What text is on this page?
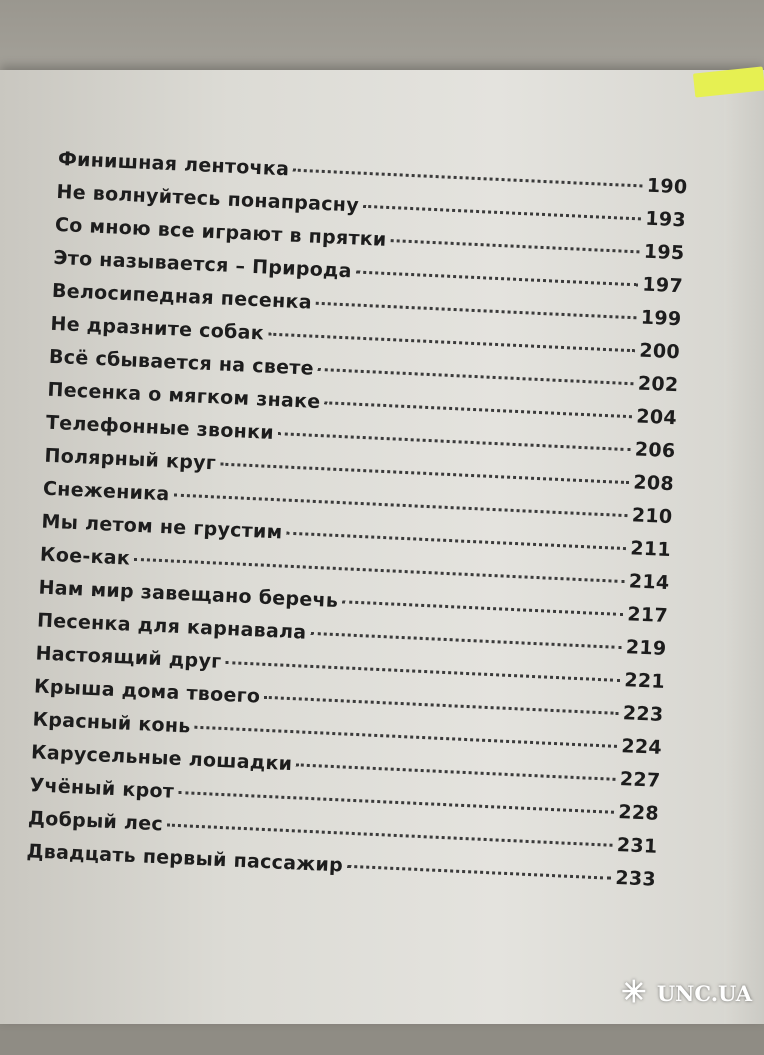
Финишная ленточка
190
Не волнуйтесь понапрасну
193
Со мною все играют в прятки
195
Это называется – Природа
197
Велосипедная песенка
199
Не дразните собак
200
Всё сбывается на свете
202
Песенка о мягком знаке
204
Телефонные звонки
206
Полярный круг
208
Снеженика
210
Мы летом не грустим
211
Кое-как
214
Нам мир завещано беречь
217
Песенка для карнавала
219
Настоящий друг
221
Крыша дома твоего
223
Красный конь
224
Карусельные лошадки
227
Учёный крот
228
Добрый лес
231
Двадцать первый пассажир
233
✳ UNC.UA
